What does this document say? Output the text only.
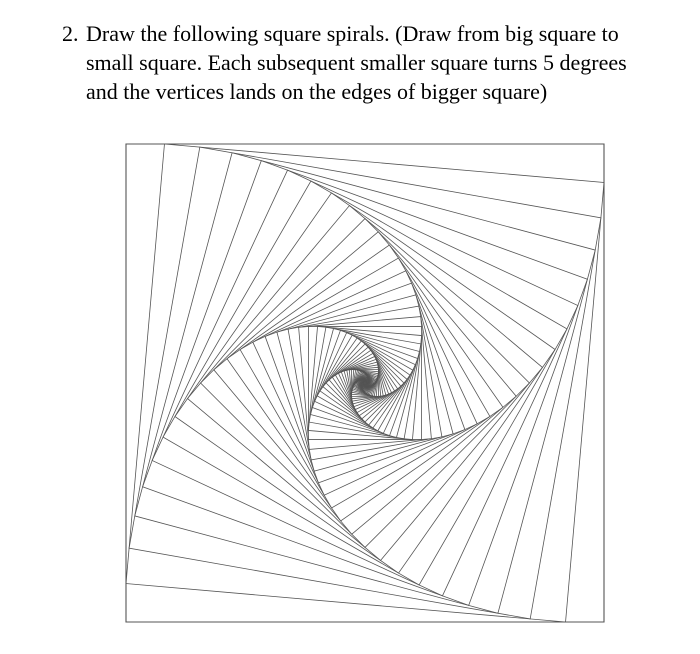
2. Draw the following square spirals. (Draw from big square to
small square. Each subsequent smaller square turns 5 degrees
and the vertices lands on the edges of bigger square)
